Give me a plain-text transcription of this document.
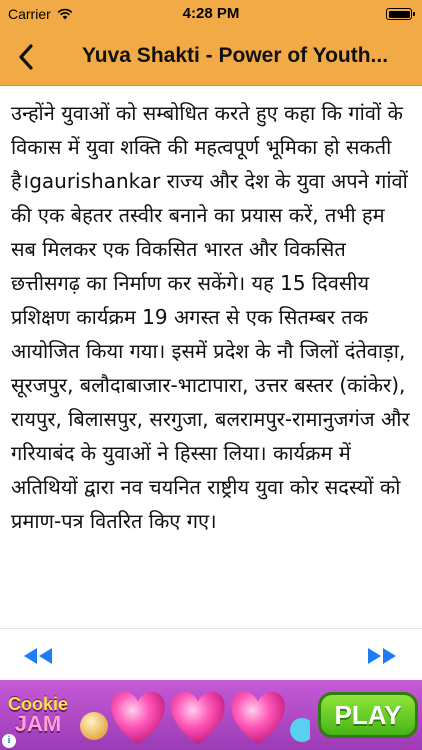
Carrier	4:28 PM
Yuva Shakti - Power of Youth...

उन्होंने युवाओं को सम्बोधित करते हुए कहा कि गांवों के विकास में युवा शक्ति की महत्वपूर्ण भूमिका हो सकती है।gaurishankar राज्य और देश के युवा अपने गांवों की एक बेहतर तस्वीर बनाने का प्रयास करें, तभी हम सब मिलकर एक विकसित भारत और विकसित छत्तीसगढ़ का निर्माण कर सकेंगे। यह 15 दिवसीय प्रशिक्षण कार्यक्रम 19 अगस्त से एक सितम्बर तक आयोजित किया गया। इसमें प्रदेश के नौ जिलों दंतेवाड़ा, सूरजपुर, बलौदाबाजार-भाटापारा, उत्तर बस्तर (कांकेर), रायपुर, बिलासपुर, सरगुजा, बलरामपुर-रामानुजगंज और गरियाबंद के युवाओं ने हिस्सा लिया। कार्यक्रम में अतिथियों द्वारा नव चयनित राष्ट्रीय युवा कोर सदस्यों को प्रमाण-पत्र वितरित किए गए।

Cookie
JAM	PLAY
i
